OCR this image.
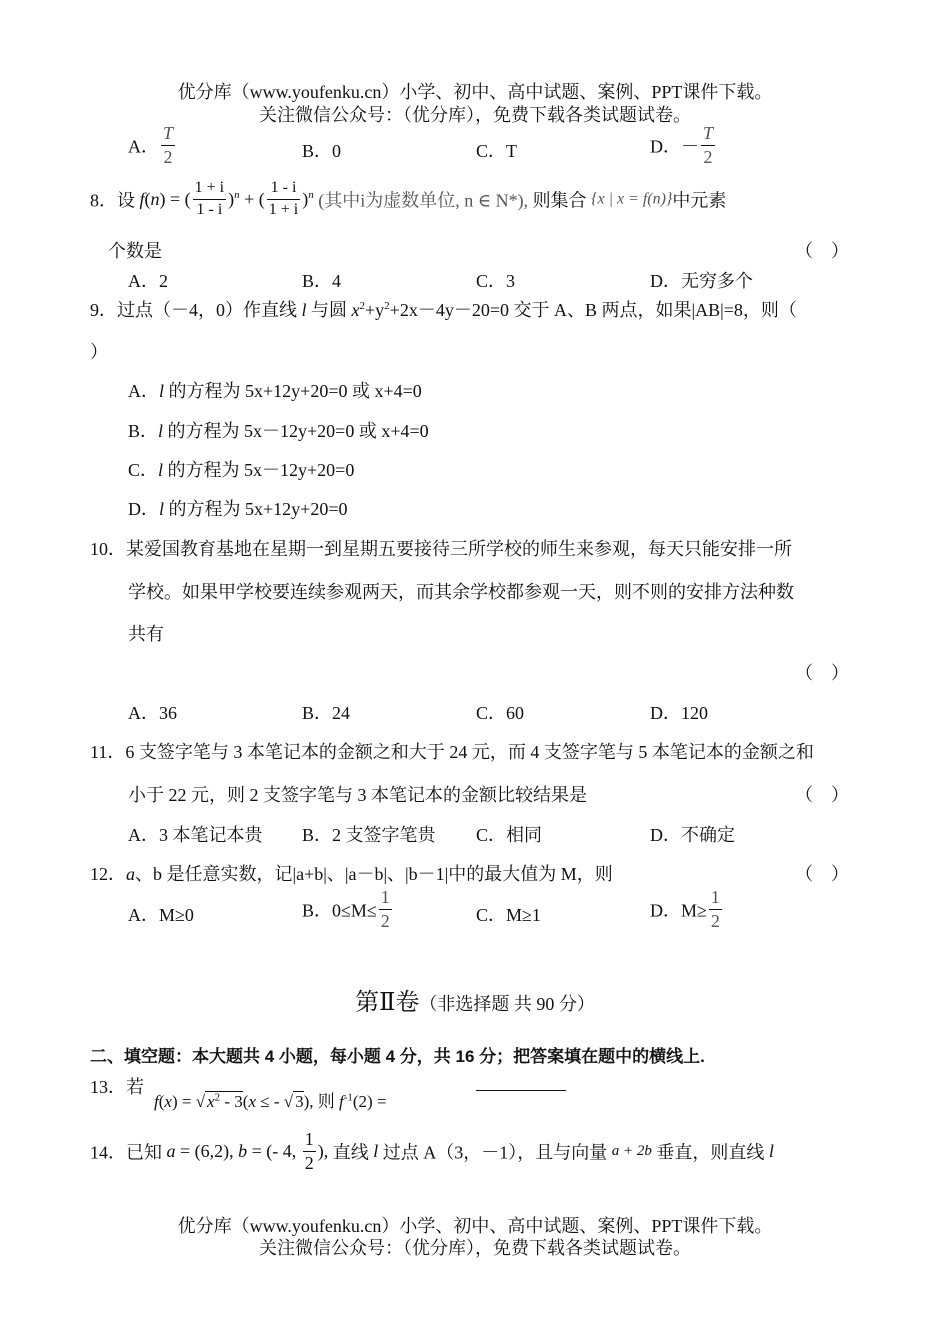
优分库（www.youfenku.cn）小学、初中、高中试题、案例、PPT课件下载。
关注微信公众号：（优分库），免费下载各类试题试卷。
A． $\frac{T}{2}$	B．0	C．T	D．－ $\frac{T}{2}$
8．设 f(n) = ( $\frac{1 + i}{1 - i} )^n$ + ( $\frac{1 - i}{1 + i} )^n$ (其中i为虚数单位, n ∈ N*), 则集合 {x | x = f(n)}中元素
个数是	（　）
A．2	B．4	C．3	D．无穷多个
9．过点（－4，0）作直线 l 与圆 $x^2+y^2+2x-4y-20=0$ 交于 A、B 两点，如果|AB|=8，则（
）
A．l 的方程为 5x+12y+20=0 或 x+4=0
B．l 的方程为 5x－12y+20=0 或 x+4=0
C．l 的方程为 5x－12y+20=0
D．l 的方程为 5x+12y+20=0
10．某爱国教育基地在星期一到星期五要接待三所学校的师生来参观，每天只能安排一所
学校。如果甲学校要连续参观两天，而其余学校都参观一天，则不则的安排方法种数
共有
（　）
A．36	B．24	C．60	D．120
11．6 支签字笔与 3 本笔记本的金额之和大于 24 元，而 4 支签字笔与 5 本笔记本的金额之和
小于 22 元，则 2 支签字笔与 3 本笔记本的金额比较结果是	（　）
A．3 本笔记本贵 B．2 支签字笔贵 C．相同	D．不确定
12．a、b 是任意实数，记|a+b|、|a－b|、|b－1|中的最大值为 M，则	（　）
A．M≥0	B．$0\le M\le \frac{1}{2}$	C．M≥1	D．$M\ge \frac{1}{2}$
第Ⅱ卷（非选择题 共 90 分）
二、填空题：本大题共 4 小题，每小题 4 分，共 16 分；把答案填在题中的横线上.
13．若
f(x) = √ $x^2 - 3(x$ ≤ - √ 3), 则 $f^{-1}(2)$ =
14．已知 a = (6,2), b = (- 4, $\frac{1}{2}$ ), 直线 l 过点 A（3，－1），且与向量 a + 2b 垂直，则直线 l
优分库（www.youfenku.cn）小学、初中、高中试题、案例、PPT课件下载。
关注微信公众号：（优分库），免费下载各类试题试卷。
